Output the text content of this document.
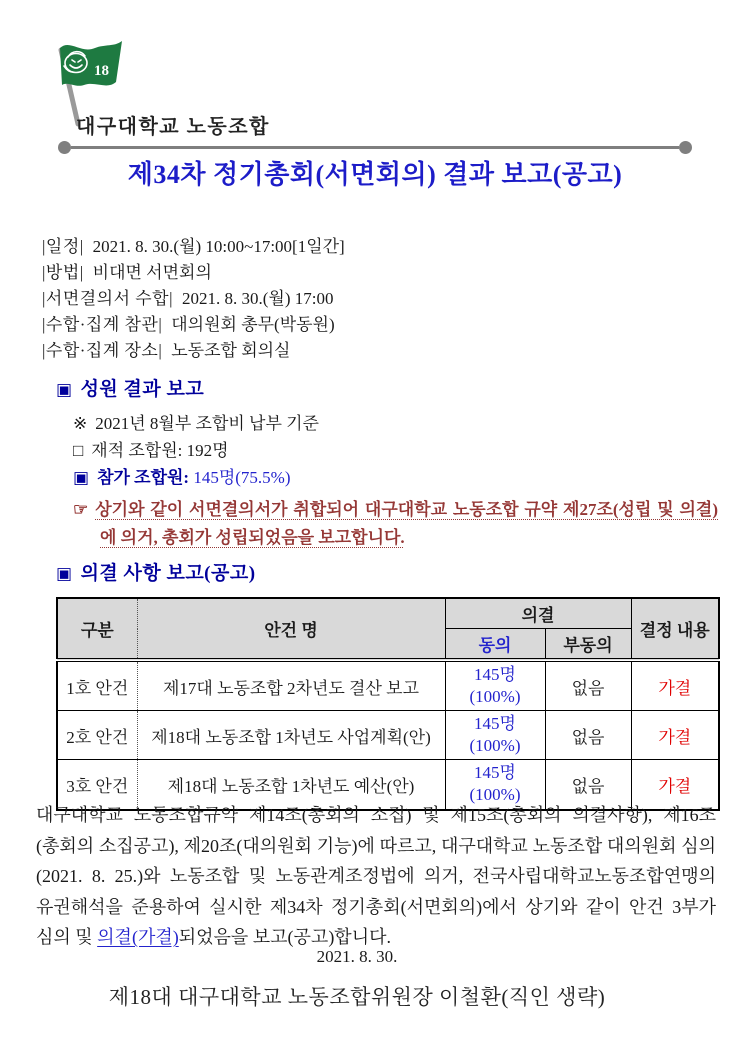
18
대구대학교 노동조합
제34차 정기총회(서면회의) 결과 보고(공고)
|일정| 2021. 8. 30.(월) 10:00~17:00[1일간]
|방법| 비대면 서면회의
|서면결의서 수합| 2021. 8. 30.(월) 17:00
|수합·집계 참관| 대의원회 총무(박동원)
|수합·집계 장소| 노동조합 회의실
▣ 성원 결과 보고
※ 2021년 8월부 조합비 납부 기준
□ 재적 조합원: 192명
▣ 참가 조합원: 145명(75.5%)
☞ 상기와 같이 서면결의서가 취합되어 대구대학교 노동조합 규약 제27조(성립 및 의결)에 의거, 총회가 성립되었음을 보고합니다.
▣ 의결 사항 보고(공고)
구분	안건 명	의결		결정 내용
		동의	부동의	
1호 안건	제17대 노동조합 2차년도 결산 보고	145명
(100%)	없음	가결
2호 안건	제18대 노동조합 1차년도 사업계획(안)	145명
(100%)	없음	가결
3호 안건	제18대 노동조합 1차년도 예산(안)	145명
(100%)	없음	가결
대구대학교 노동조합규약 제14조(총회의 소집) 및 제15조(총회의 의결사항), 제16조(총회의 소집공고), 제20조(대의원회 기능)에 따르고, 대구대학교 노동조합 대의원회 심의(2021. 8. 25.)와 노동조합 및 노동관계조정법에 의거, 전국사립대학교노동조합연맹의 유권해석을 준용하여 실시한 제34차 정기총회(서면회의)에서 상기와 같이 안건 3부가 심의 및 의결(가결)되었음을 보고(공고)합니다.
2021. 8. 30.
제18대 대구대학교 노동조합위원장 이철환(직인 생략)
